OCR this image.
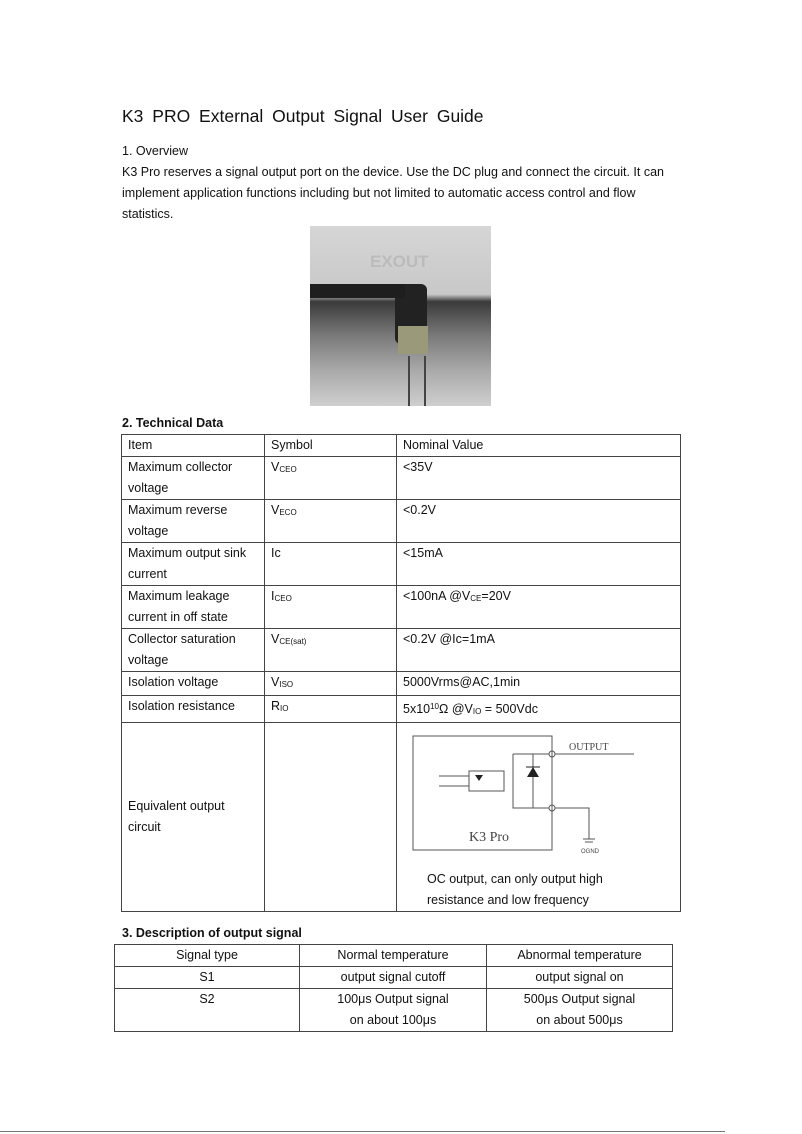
K3 PRO External Output Signal User Guide
1. Overview
K3 Pro reserves a signal output port on the device. Use the DC plug and connect the circuit. It can implement application functions including but not limited to automatic access control and flow statistics.
EXOUT
2. Technical Data
Item	Symbol	Nominal Value
Maximum collector voltage	$V_{CEO}$	<35V
Maximum reverse voltage	$V_{ECO}$	<0.2V
Maximum output sink current	Ic	<15mA
Maximum leakage current in off state	$I_{CEO}$	<100nA $@V_{CE}=20V$
Collector saturation voltage	$V_{CE(sat)}$	<0.2V @Ic=1mA
Isolation voltage	$V_{ISO}$	5000Vrms@AC,1min
Isolation resistance	$R_{IO}$	$5x10^{10}\Omega$ $@V_{IO} = 500Vdc$
Equivalent output circuit		OUTPUT
K3 Pro
OGND
OC output, can only output high resistance and low frequency
3. Description of output signal
Signal type	Normal temperature	Abnormal temperature
S1	output signal cutoff	output signal on
S2	100μs Output signal on about 100μs	500μs Output signal on about 500μs
